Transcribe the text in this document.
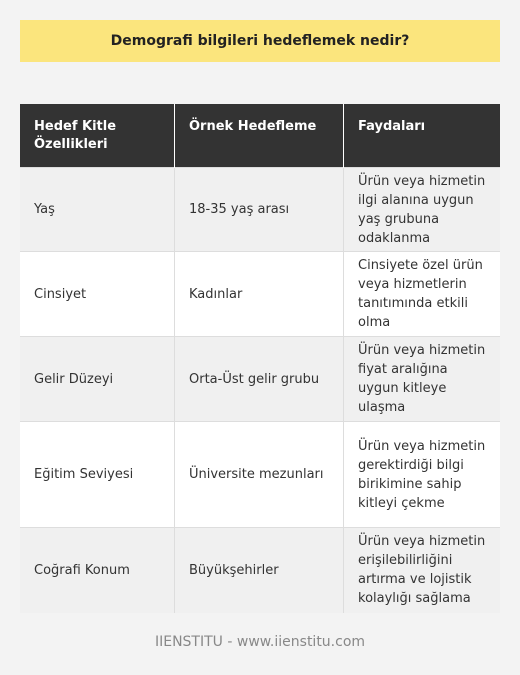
Demografi bilgileri hedeflemek nedir?
Hedef Kitle Özellikleri	Örnek Hedefleme	Faydaları
Yaş	18-35 yaş arası	Ürün veya hizmetin ilgi alanına uygun yaş grubuna odaklanma
Cinsiyet	Kadınlar	Cinsiyete özel ürün veya hizmetlerin tanıtımında etkili olma
Gelir Düzeyi	Orta-Üst gelir grubu	Ürün veya hizmetin fiyat aralığına uygun kitleye ulaşma
Eğitim Seviyesi	Üniversite mezunları	Ürün veya hizmetin gerektirdiği bilgi birikimine sahip kitleyi çekme
Coğrafi Konum	Büyükşehirler	Ürün veya hizmetin erişilebilirliğini artırma ve lojistik kolaylığı sağlama
IIENSTITU - www.iienstitu.com
